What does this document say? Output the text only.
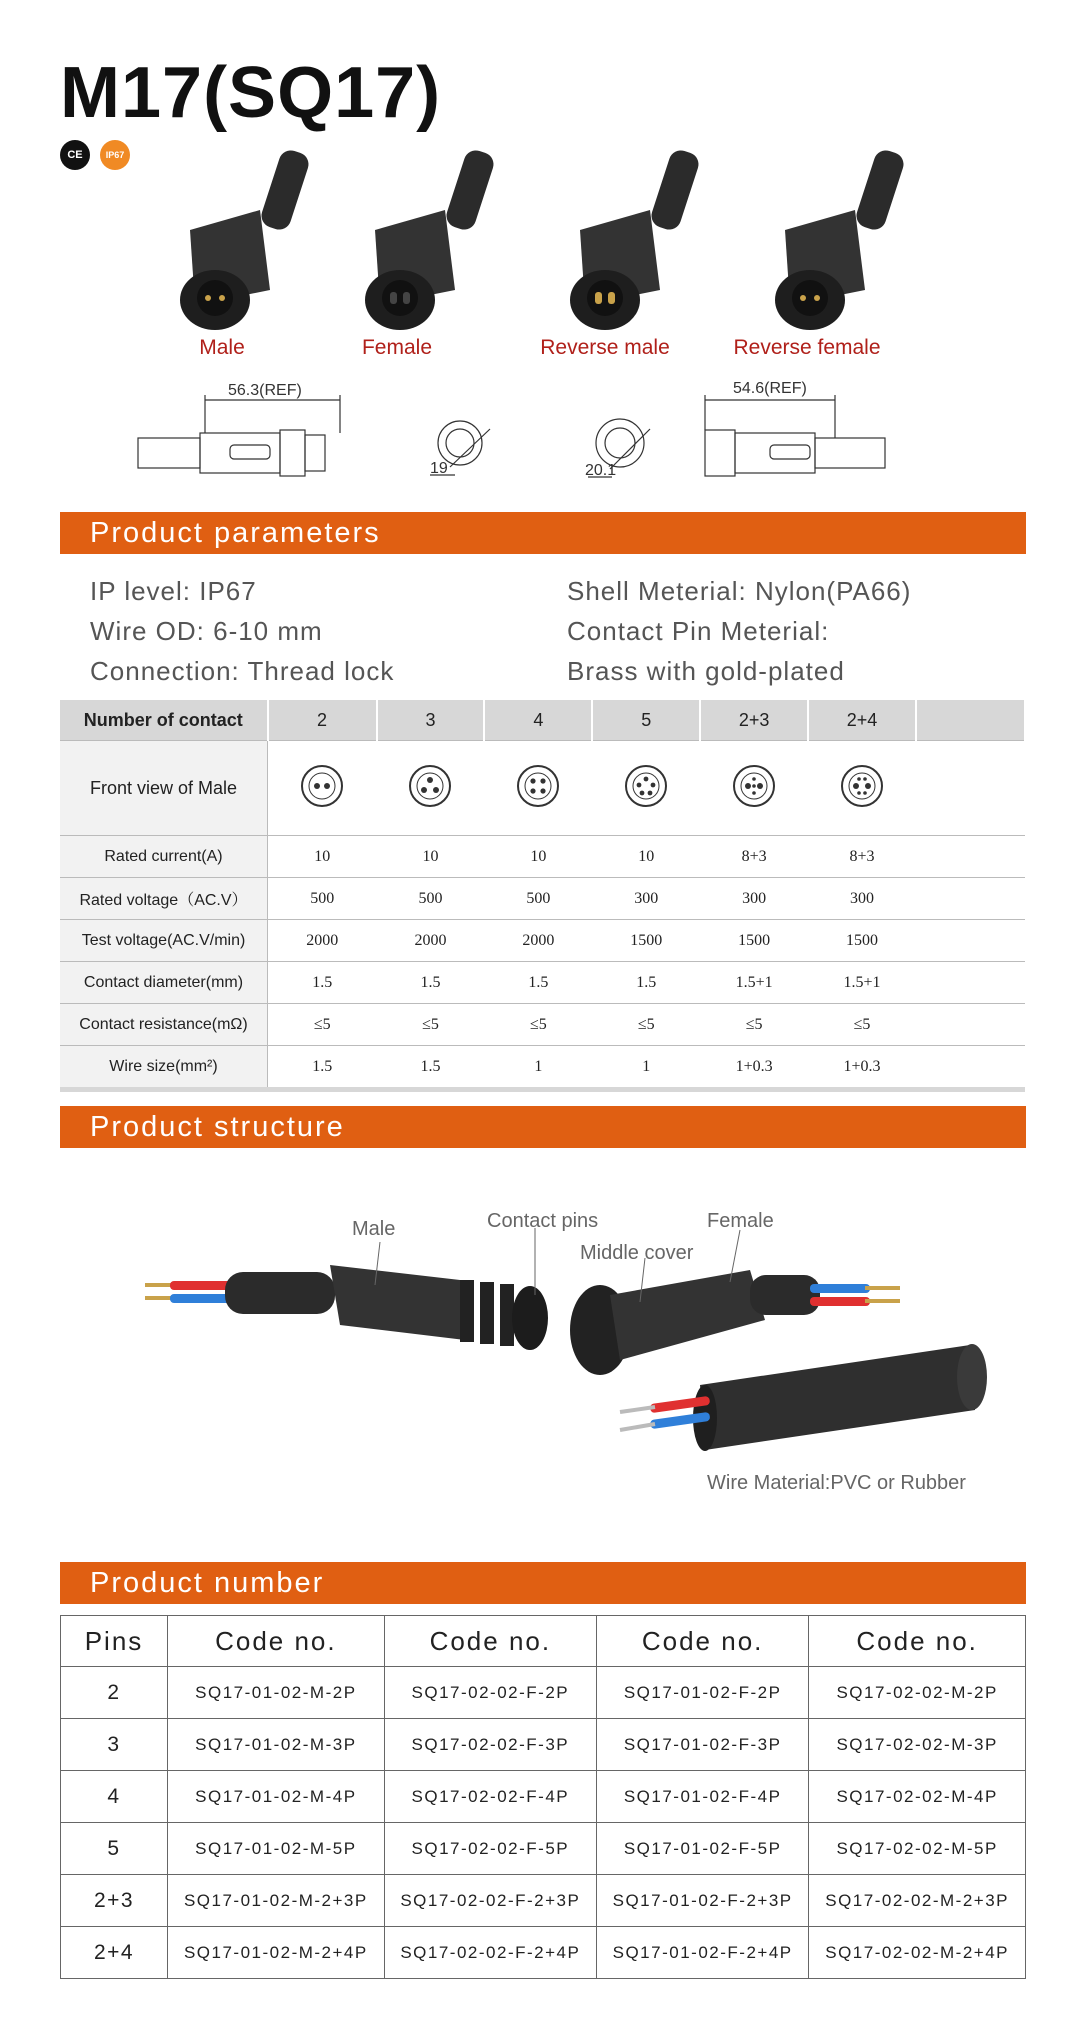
M17(SQ17)
CE	IP67
Male	Female	Reverse male	Reverse female
56.3(REF)
19	20.1
54.6(REF)
Product parameters
IP level: IP67
Wire OD: 6-10 mm
Connection: Thread lock
Shell Meterial: Nylon(PA66)
Contact Pin Meterial:
Brass with gold-plated
Number of contact	2	3	4	5	2+3	2+4	
Front view of Male							
Rated current(A)	10	10	10	10	8+3	8+3	
Rated voltage（AC.V）	500	500	500	300	300	300	
Test voltage(AC.V/min)	2000	2000	2000	1500	1500	1500	
Contact diameter(mm)	1.5	1.5	1.5	1.5	1.5+1	1.5+1	
Contact resistance(mΩ)	≤5	≤5	≤5	≤5	≤5	≤5	
Wire size(mm²)	1.5	1.5	1	1	1+0.3	1+0.3	
Product structure
Male	Contact pins	Female
Middle cover
Wire Material:PVC or Rubber
Product number
Pins	Code no.	Code no.	Code no.	Code no.
2	SQ17-01-02-M-2P	SQ17-02-02-F-2P	SQ17-01-02-F-2P	SQ17-02-02-M-2P
3	SQ17-01-02-M-3P	SQ17-02-02-F-3P	SQ17-01-02-F-3P	SQ17-02-02-M-3P
4	SQ17-01-02-M-4P	SQ17-02-02-F-4P	SQ17-01-02-F-4P	SQ17-02-02-M-4P
5	SQ17-01-02-M-5P	SQ17-02-02-F-5P	SQ17-01-02-F-5P	SQ17-02-02-M-5P
2+3	SQ17-01-02-M-2+3P	SQ17-02-02-F-2+3P	SQ17-01-02-F-2+3P	SQ17-02-02-M-2+3P
2+4	SQ17-01-02-M-2+4P	SQ17-02-02-F-2+4P	SQ17-01-02-F-2+4P	SQ17-02-02-M-2+4P
